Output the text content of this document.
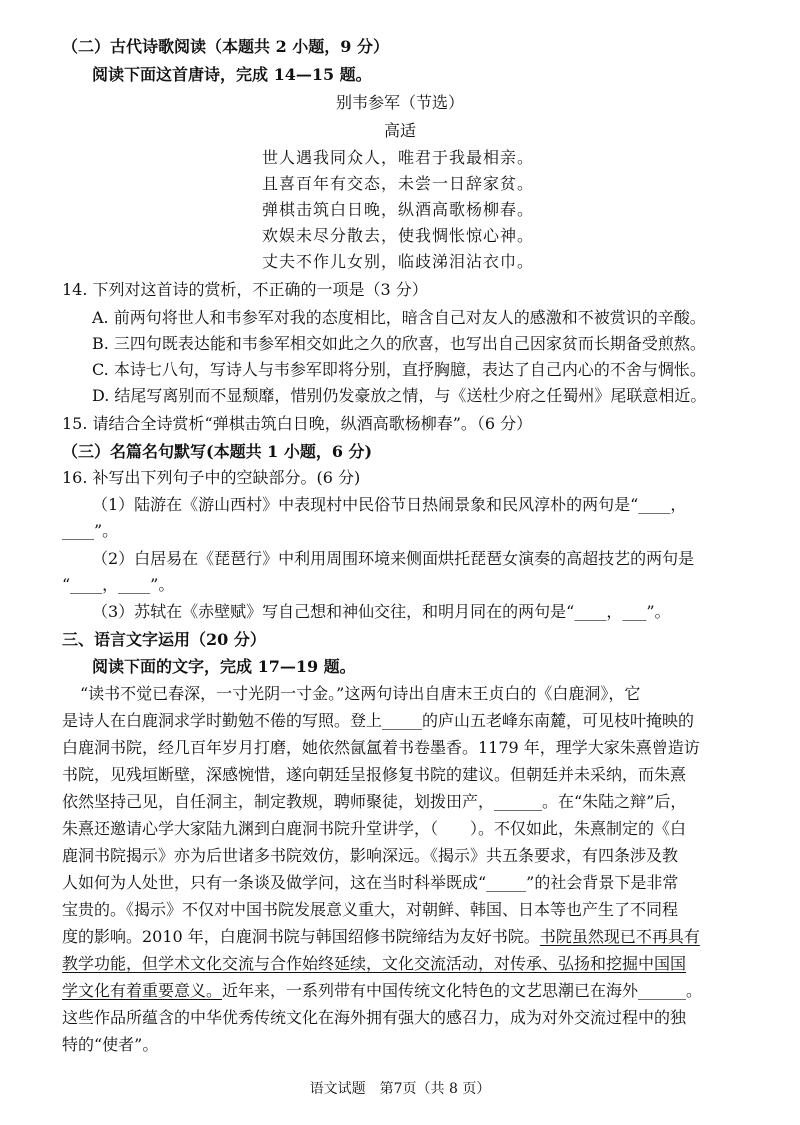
（二）古代诗歌阅读（本题共 2 小题，9 分）
阅读下面这首唐诗，完成 14—15 题。
别韦参军（节选）
高适
世人遇我同众人，唯君于我最相亲。
且喜百年有交态，未尝一日辞家贫。
弹棋击筑白日晚，纵酒高歌杨柳春。
欢娱未尽分散去，使我惆怅惊心神。
丈夫不作儿女别，临歧涕泪沾衣巾。
14. 下列对这首诗的赏析，不正确的一项是（3 分）
A. 前两句将世人和韦参军对我的态度相比，暗含自己对友人的感激和不被赏识的辛酸。
B. 三四句既表达能和韦参军相交如此之久的欣喜，也写出自己因家贫而长期备受煎熬。
C. 本诗七八句，写诗人与韦参军即将分别，直抒胸臆，表达了自己内心的不舍与惆怅。
D. 结尾写离别而不显颓靡，惜别仍发豪放之情，与《送杜少府之任蜀州》尾联意相近。
15. 请结合全诗赏析“弹棋击筑白日晚，纵酒高歌杨柳春”。（6 分）
（三）名篇名句默写(本题共 1 小题，6 分)
16. 补写出下列句子中的空缺部分。(6 分)
（1）陆游在《游山西村》中表现村中民俗节日热闹景象和民风淳朴的两句是“____，
____”。
（2）白居易在《琵琶行》中利用周围环境来侧面烘托琵琶女演奏的高超技艺的两句是
“____，____”。
（3）苏轼在《赤壁赋》写自己想和神仙交往，和明月同在的两句是“____，___”。
三、语言文字运用（20 分）
阅读下面的文字，完成 17—19 题。
“读书不觉已春深，一寸光阴一寸金。”这两句诗出自唐末王贞白的《白鹿洞》，它
是诗人在白鹿洞求学时勤勉不倦的写照。登上_____的庐山五老峰东南麓，可见枝叶掩映的
白鹿洞书院，经几百年岁月打磨，她依然氤氲着书卷墨香。1179 年，理学大家朱熹曾造访
书院，见残垣断壁，深感惋惜，遂向朝廷呈报修复书院的建议。但朝廷并未采纳，而朱熹
依然坚持己见，自任洞主，制定教规，聘师聚徒，划拨田产，______。在“朱陆之辩”后，
朱熹还邀请心学大家陆九渊到白鹿洞书院升堂讲学，（　　）。不仅如此，朱熹制定的《白
鹿洞书院揭示》亦为后世诸多书院效仿，影响深远。《揭示》共五条要求，有四条涉及教
人如何为人处世，只有一条谈及做学问，这在当时科举既成“_____”的社会背景下是非常
宝贵的。《揭示》不仅对中国书院发展意义重大，对朝鲜、韩国、日本等也产生了不同程
度的影响。2010 年，白鹿洞书院与韩国绍修书院缔结为友好书院。书院虽然现已不再具有
教学功能，但学术文化交流与合作始终延续，文化交流活动，对传承、弘扬和挖掘中国国
学文化有着重要意义。近年来，一系列带有中国传统文化特色的文艺思潮已在海外______。
这些作品所蕴含的中华优秀传统文化在海外拥有强大的感召力，成为对外交流过程中的独
特的“使者”。
语文试题　第7页（共 8 页）
